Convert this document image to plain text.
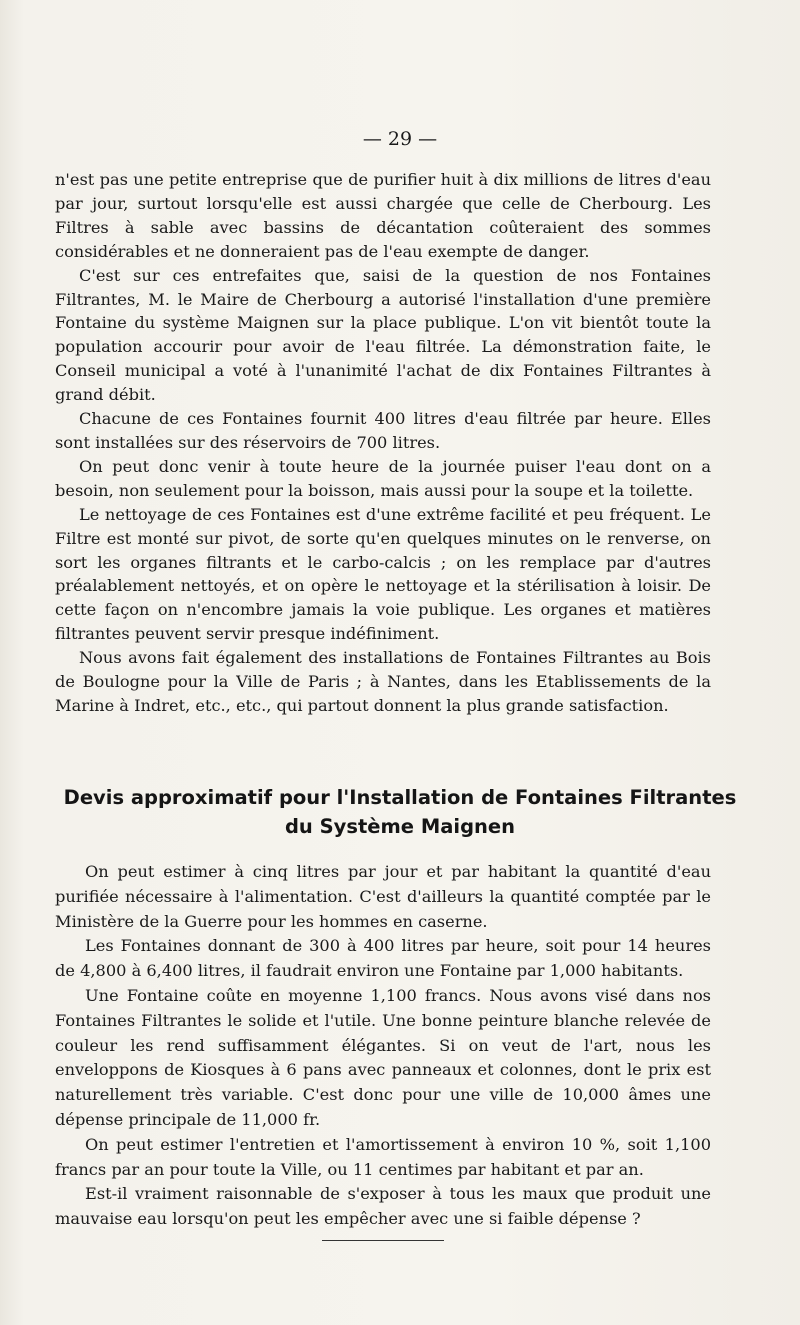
— 29 —

n'est pas une petite entreprise que de purifier huit à dix millions de litres d'eau par jour, surtout lorsqu'elle est aussi chargée que celle de Cherbourg. Les Filtres à sable avec bassins de décantation coûteraient des sommes considérables et ne donneraient pas de l'eau exempte de danger.

C'est sur ces entrefaites que, saisi de la question de nos Fontaines Filtrantes, M. le Maire de Cherbourg a autorisé l'installation d'une première Fontaine du système Maignen sur la place publique. L'on vit bientôt toute la population accourir pour avoir de l'eau filtrée. La démonstration faite, le Conseil municipal a voté à l'unanimité l'achat de dix Fontaines Filtrantes à grand débit.

Chacune de ces Fontaines fournit 400 litres d'eau filtrée par heure. Elles sont installées sur des réservoirs de 700 litres.

On peut donc venir à toute heure de la journée puiser l'eau dont on a besoin, non seulement pour la boisson, mais aussi pour la soupe et la toilette.

Le nettoyage de ces Fontaines est d'une extrême facilité et peu fréquent. Le Filtre est monté sur pivot, de sorte qu'en quelques minutes on le renverse, on sort les organes filtrants et le carbo-calcis ; on les remplace par d'autres préalablement nettoyés, et on opère le nettoyage et la stérilisation à loisir. De cette façon on n'encombre jamais la voie publique. Les organes et matières filtrantes peuvent servir presque indéfiniment.

Nous avons fait également des installations de Fontaines Filtrantes au Bois de Boulogne pour la Ville de Paris ; à Nantes, dans les Etablissements de la Marine à Indret, etc., etc., qui partout donnent la plus grande satisfaction.

Devis approximatif pour l'Installation de Fontaines Filtrantes
du Système Maignen

On peut estimer à cinq litres par jour et par habitant la quantité d'eau purifiée nécessaire à l'alimentation. C'est d'ailleurs la quantité comptée par le Ministère de la Guerre pour les hommes en caserne.

Les Fontaines donnant de 300 à 400 litres par heure, soit pour 14 heures de 4,800 à 6,400 litres, il faudrait environ une Fontaine par 1,000 habitants.

Une Fontaine coûte en moyenne 1,100 francs. Nous avons visé dans nos Fontaines Filtrantes le solide et l'utile. Une bonne peinture blanche relevée de couleur les rend suffisamment élégantes. Si on veut de l'art, nous les enveloppons de Kiosques à 6 pans avec panneaux et colonnes, dont le prix est naturellement très variable. C'est donc pour une ville de 10,000 âmes une dépense principale de 11,000 fr.

On peut estimer l'entretien et l'amortissement à environ 10 %, soit 1,100 francs par an pour toute la Ville, ou 11 centimes par habitant et par an.

Est-il vraiment raisonnable de s'exposer à tous les maux que produit une mauvaise eau lorsqu'on peut les empêcher avec une si faible dépense ?
